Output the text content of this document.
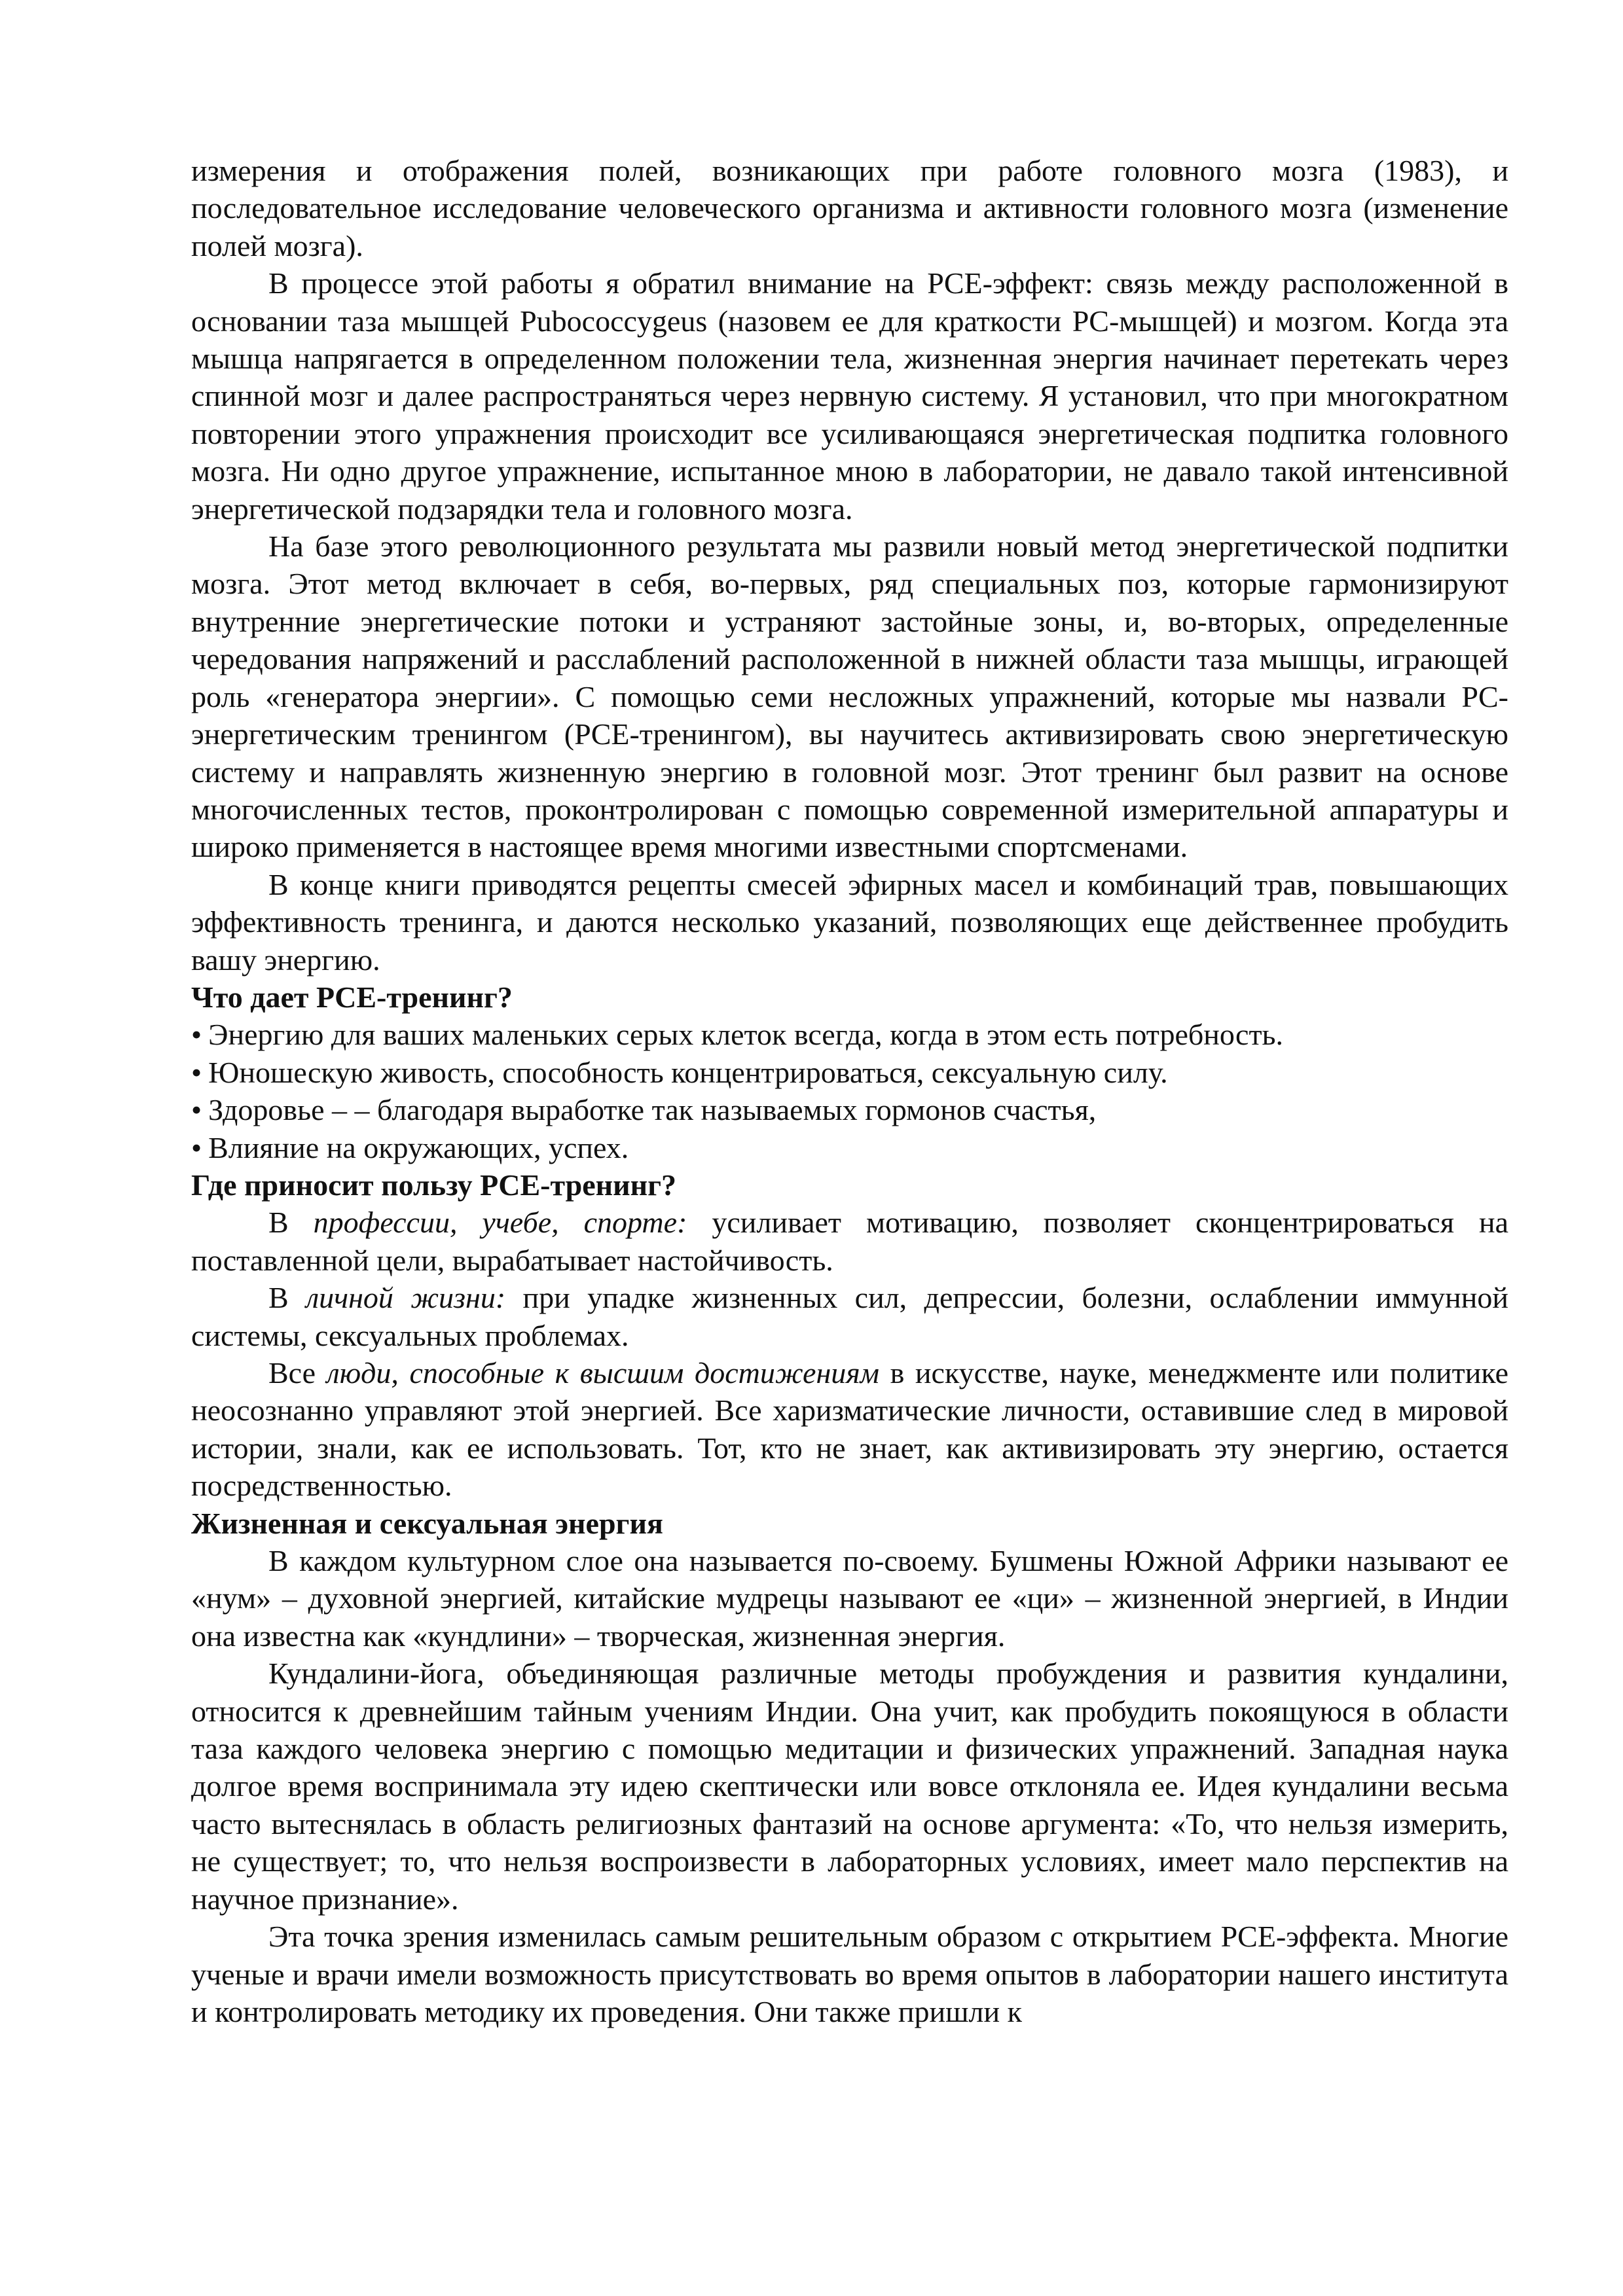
измерения и отображения полей, возникающих при работе головного мозга (1983), и последовательное исследование человеческого организма и активности головного мозга (изменение полей мозга).

В процессе этой работы я обратил внимание на PCE-эффект: связь между расположенной в основании таза мышцей Pubococcygeus (назовем ее для краткости PC-мышцей) и мозгом. Когда эта мышца напрягается в определенном положении тела, жизненная энергия начинает перетекать через спинной мозг и далее распространяться через нервную систему. Я установил, что при многократном повторении этого упражнения происходит все усиливающаяся энергетическая подпитка головного мозга. Ни одно другое упражнение, испытанное мною в лаборатории, не давало такой интенсивной энергетической подзарядки тела и головного мозга.

На базе этого революционного результата мы развили новый метод энергетической подпитки мозга. Этот метод включает в себя, во-первых, ряд специальных поз, которые гармонизируют внутренние энергетические потоки и устраняют застойные зоны, и, во-вторых, определенные чередования напряжений и расслаблений расположенной в нижней области таза мышцы, играющей роль «генератора энергии». С помощью семи несложных упражнений, которые мы назвали PC-энергетическим тренингом (PCE-тренингом), вы научитесь активизировать свою энергетическую систему и направлять жизненную энергию в головной мозг. Этот тренинг был развит на основе многочисленных тестов, проконтролирован с помощью современной измерительной аппаратуры и широко применяется в настоящее время многими известными спортсменами.

В конце книги приводятся рецепты смесей эфирных масел и комбинаций трав, повышающих эффективность тренинга, и даются несколько указаний, позволяющих еще действеннее пробудить вашу энергию.

Что дает PCE-тренинг?

• Энергию для ваших маленьких серых клеток всегда, когда в этом есть потребность.

• Юношескую живость, способность концентрироваться, сексуальную силу.

• Здоровье – – благодаря выработке так называемых гормонов счастья,

• Влияние на окружающих, успех.

Где приносит пользу PCE-тренинг?

В профессии, учебе, спорте: усиливает мотивацию, позволяет сконцентрироваться на поставленной цели, вырабатывает настойчивость.

В личной жизни: при упадке жизненных сил, депрессии, болезни, ослаблении иммунной системы, сексуальных проблемах.

Все люди, способные к высшим достижениям в искусстве, науке, менеджменте или политике неосознанно управляют этой энергией. Все харизматические личности, оставившие след в мировой истории, знали, как ее использовать. Тот, кто не знает, как активизировать эту энергию, остается посредственностью.

Жизненная и сексуальная энергия

В каждом культурном слое она называется по-своему. Бушмены Южной Африки называют ее «нум» – духовной энергией, китайские мудрецы называют ее «ци» – жизненной энергией, в Индии она известна как «кундлини» – творческая, жизненная энергия.

Кундалини-йога, объединяющая различные методы пробуждения и развития кундалини, относится к древнейшим тайным учениям Индии. Она учит, как пробудить покоящуюся в области таза каждого человека энергию с помощью медитации и физических упражнений. Западная наука долгое время воспринимала эту идею скептически или вовсе отклоняла ее. Идея кундалини весьма часто вытеснялась в область религиозных фантазий на основе аргумента: «То, что нельзя измерить, не существует; то, что нельзя воспроизвести в лабораторных условиях, имеет мало перспектив на научное признание».

Эта точка зрения изменилась самым решительным образом с открытием PCE-эффекта. Многие ученые и врачи имели возможность присутствовать во время опытов в лаборатории нашего института и контролировать методику их проведения. Они также пришли к
